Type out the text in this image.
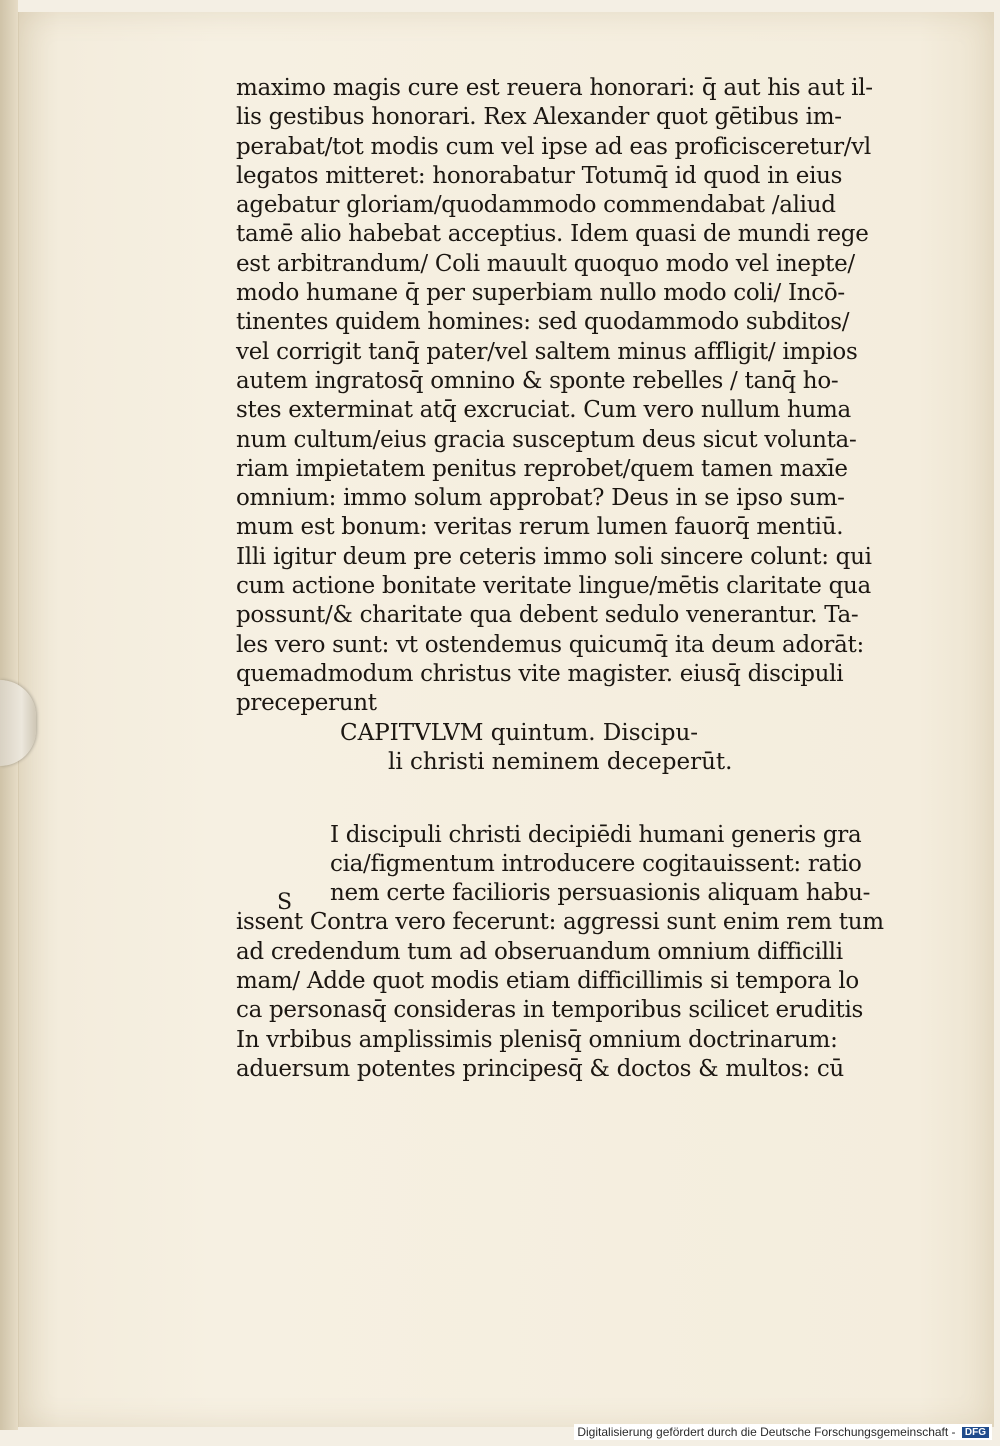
maximo magis cure est reuera honorari: q̄ aut his aut il-
lis gestibus honorari. Rex Alexander quot gētibus im-
perabat/tot modis cum vel ipse ad eas proficisceretur/vl
legatos mitteret: honorabatur Totumq̄ id quod in eius
agebatur gloriam/quodammodo commendabat /aliud
tamē alio habebat acceptius. Idem quasi de mundi rege
est arbitrandum/ Coli mauult quoquo modo vel inepte/
modo humane q̄ per superbiam nullo modo coli/ Incō-
tinentes quidem homines: sed quodammodo subditos/
vel corrigit tanq̄ pater/vel saltem minus affligit/ impios
autem ingratosq̄ omnino & sponte rebelles / tanq̄ ho-
stes exterminat atq̄ excruciat. Cum vero nullum huma
num cultum/eius gracia susceptum deus sicut volunta-
riam impietatem penitus reprobet/quem tamen maxīe
omnium: immo solum approbat? Deus in se ipso sum-
mum est bonum: veritas rerum lumen fauorq̄ mentiū.
Illi igitur deum pre ceteris immo soli sincere colunt: qui
cum actione bonitate veritate lingue/mētis claritate qua
possunt/& charitate qua debent sedulo venerantur. Ta-
les vero sunt: vt ostendemus quicumq̄ ita deum adorāt:
quemadmodum christus vite magister. eiusq̄ discipuli
preceperunt
CAPITVLVM quintum. Discipu-
li christi neminem deceperūt.
I discipuli christi decipiēdi humani generis gra
cia/figmentum introducere cogitauissent: ratio
nem certe facilioris persuasionis aliquam habu-
issent Contra vero fecerunt: aggressi sunt enim rem tum
ad credendum tum ad obseruandum omnium difficilli
mam/ Adde quot modis etiam difficillimis si tempora lo
ca personasq̄ consideras in temporibus scilicet eruditis
In vrbibus amplissimis plenisq̄ omnium doctrinarum:
aduersum potentes principesq̄ & doctos & multos: cū
S
Digitalisierung gefördert durch die Deutsche Forschungsgemeinschaft - DFG
